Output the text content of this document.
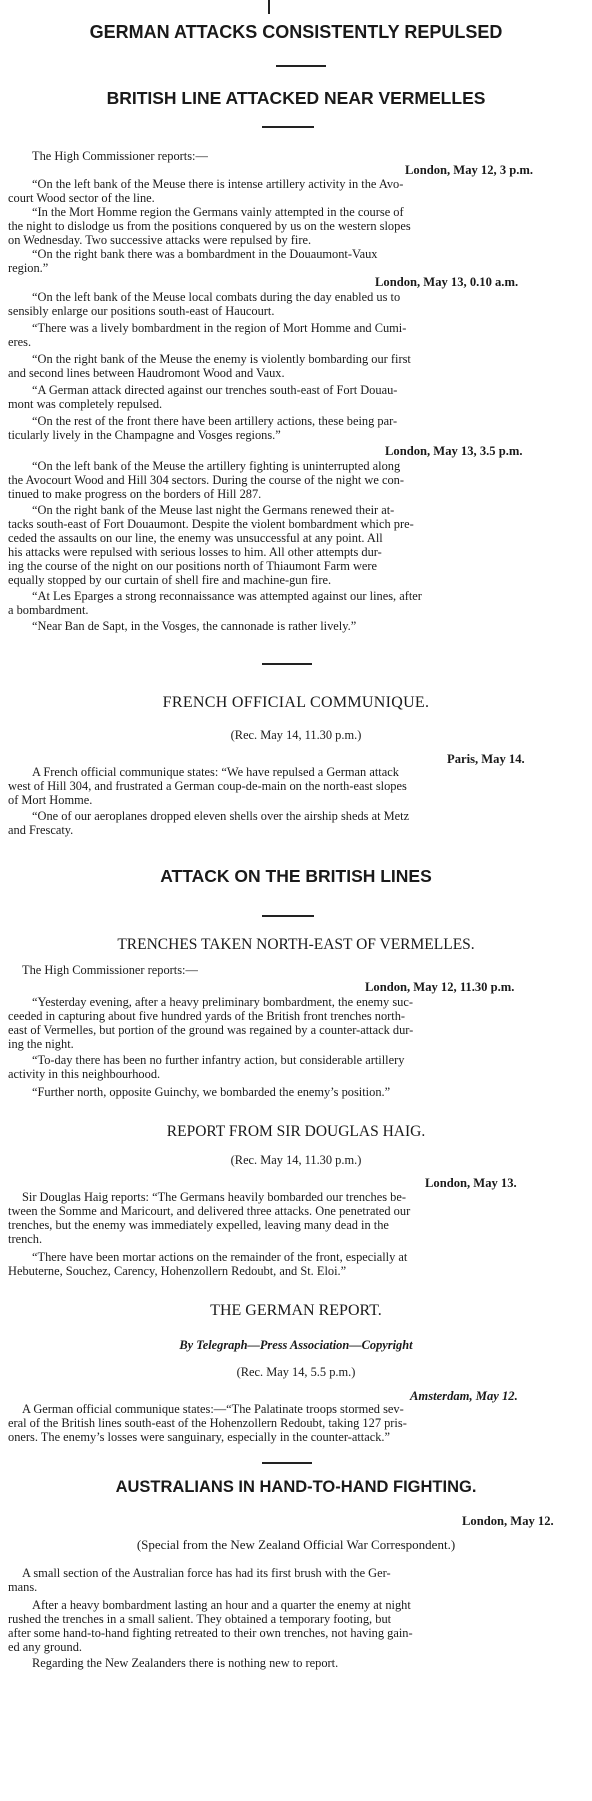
GERMAN ATTACKS CONSISTENTLY REPULSED
BRITISH LINE ATTACKED NEAR VERMELLES
The High Commissioner reports:—
London, May 12, 3 p.m.
“On the left bank of the Meuse there is intense artillery activity in the Avo-
court Wood sector of the line.
“In the Mort Homme region the Germans vainly attempted in the course of
the night to dislodge us from the positions conquered by us on the western slopes
on Wednesday. Two successive attacks were repulsed by fire.
“On the right bank there was a bombardment in the Douaumont-Vaux
region.”
London, May 13, 0.10 a.m.
“On the left bank of the Meuse local combats during the day enabled us to
sensibly enlarge our positions south-east of Haucourt.
“There was a lively bombardment in the region of Mort Homme and Cumi-
eres.
“On the right bank of the Meuse the enemy is violently bombarding our first
and second lines between Haudromont Wood and Vaux.
“A German attack directed against our trenches south-east of Fort Douau-
mont was completely repulsed.
“On the rest of the front there have been artillery actions, these being par-
ticularly lively in the Champagne and Vosges regions.”
London, May 13, 3.5 p.m.
“On the left bank of the Meuse the artillery fighting is uninterrupted along
the Avocourt Wood and Hill 304 sectors. During the course of the night we con-
tinued to make progress on the borders of Hill 287.
“On the right bank of the Meuse last night the Germans renewed their at-
tacks south-east of Fort Douaumont. Despite the violent bombardment which pre-
ceded the assaults on our line, the enemy was unsuccessful at any point. All
his attacks were repulsed with serious losses to him. All other attempts dur-
ing the course of the night on our positions north of Thiaumont Farm were
equally stopped by our curtain of shell fire and machine-gun fire.
“At Les Eparges a strong reconnaissance was attempted against our lines, after
a bombardment.
“Near Ban de Sapt, in the Vosges, the cannonade is rather lively.”
FRENCH OFFICIAL COMMUNIQUE.
(Rec. May 14, 11.30 p.m.)
Paris, May 14.
A French official communique states: “We have repulsed a German attack
west of Hill 304, and frustrated a German coup-de-main on the north-east slopes
of Mort Homme.
“One of our aeroplanes dropped eleven shells over the airship sheds at Metz
and Frescaty.
ATTACK ON THE BRITISH LINES
TRENCHES TAKEN NORTH-EAST OF VERMELLES.
The High Commissioner reports:—
London, May 12, 11.30 p.m.
“Yesterday evening, after a heavy preliminary bombardment, the enemy suc-
ceeded in capturing about five hundred yards of the British front trenches north-
east of Vermelles, but portion of the ground was regained by a counter-attack dur-
ing the night.
“To-day there has been no further infantry action, but considerable artillery
activity in this neighbourhood.
“Further north, opposite Guinchy, we bombarded the enemy’s position.”
REPORT FROM SIR DOUGLAS HAIG.
(Rec. May 14, 11.30 p.m.)
London, May 13.
Sir Douglas Haig reports: “The Germans heavily bombarded our trenches be-
tween the Somme and Maricourt, and delivered three attacks. One penetrated our
trenches, but the enemy was immediately expelled, leaving many dead in the
trench.
“There have been mortar actions on the remainder of the front, especially at
Hebuterne, Souchez, Carency, Hohenzollern Redoubt, and St. Eloi.”
THE GERMAN REPORT.
By Telegraph—Press Association—Copyright
(Rec. May 14, 5.5 p.m.)
Amsterdam, May 12.
A German official communique states:—“The Palatinate troops stormed sev-
eral of the British lines south-east of the Hohenzollern Redoubt, taking 127 pris-
oners. The enemy’s losses were sanguinary, especially in the counter-attack.”
AUSTRALIANS IN HAND-TO-HAND FIGHTING.
London, May 12.
(Special from the New Zealand Official War Correspondent.)
A small section of the Australian force has had its first brush with the Ger-
mans.
After a heavy bombardment lasting an hour and a quarter the enemy at night
rushed the trenches in a small salient. They obtained a temporary footing, but
after some hand-to-hand fighting retreated to their own trenches, not having gain-
ed any ground.
Regarding the New Zealanders there is nothing new to report.
